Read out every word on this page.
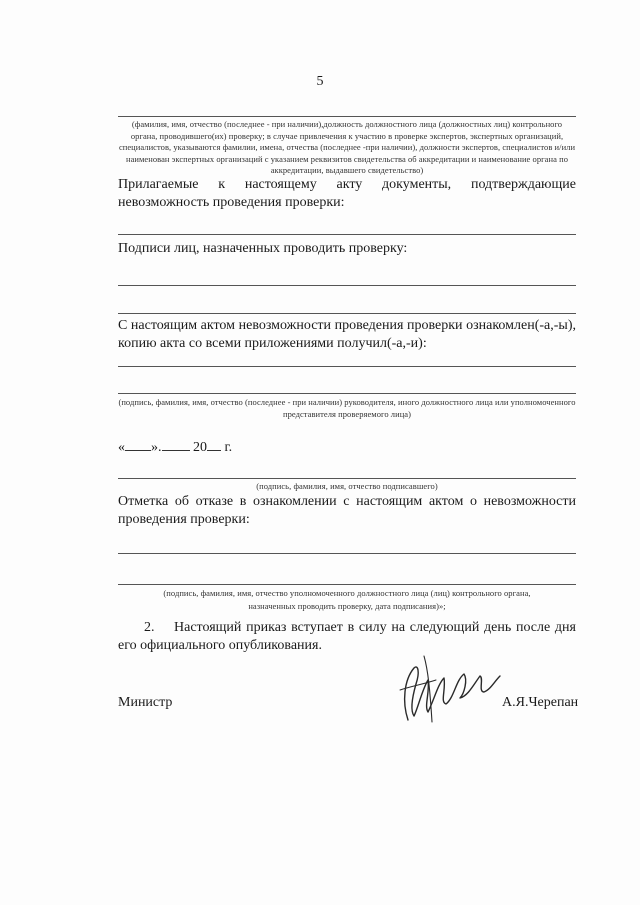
5
(фамилия, имя, отчество (последнее - при наличии),должность должностного лица (должностных лиц) контрольного органа, проводившего(их) проверку; в случае привлечения к участию в проверке экспертов, экспертных организаций, специалистов, указываются фамилии, имена, отчества (последнее -при наличии), должности экспертов, специалистов и/или наименован экспертных организаций с указанием реквизитов свидетельства об аккредитации и наименование органа по аккредитации, выдавшего свидетельство)
Прилагаемые к настоящему акту документы, подтверждающие невозможность проведения проверки:
Подписи лиц, назначенных проводить проверку:
С настоящим актом невозможности проведения проверки ознакомлен(-а,-ы), копию акта со всеми приложениями получил(-а,-и):
(подпись, фамилия, имя, отчество (последнее - при наличии) руководителя, иного должностного лица или уполномоченного представителя проверяемого лица)
« ». 20 г.
(подпись, фамилия, имя, отчество подписавшего)
Отметка об отказе в ознакомлении с настоящим актом о невозможности проведения проверки:
(подпись, фамилия, имя, отчество уполномоченного должностного лица (лиц) контрольного органа,
назначенных проводить проверку, дата подписания)»;
2.	Настоящий приказ вступает в силу на следующий день после дня его официального опубликования.
Министр	А.Я.Черепан
